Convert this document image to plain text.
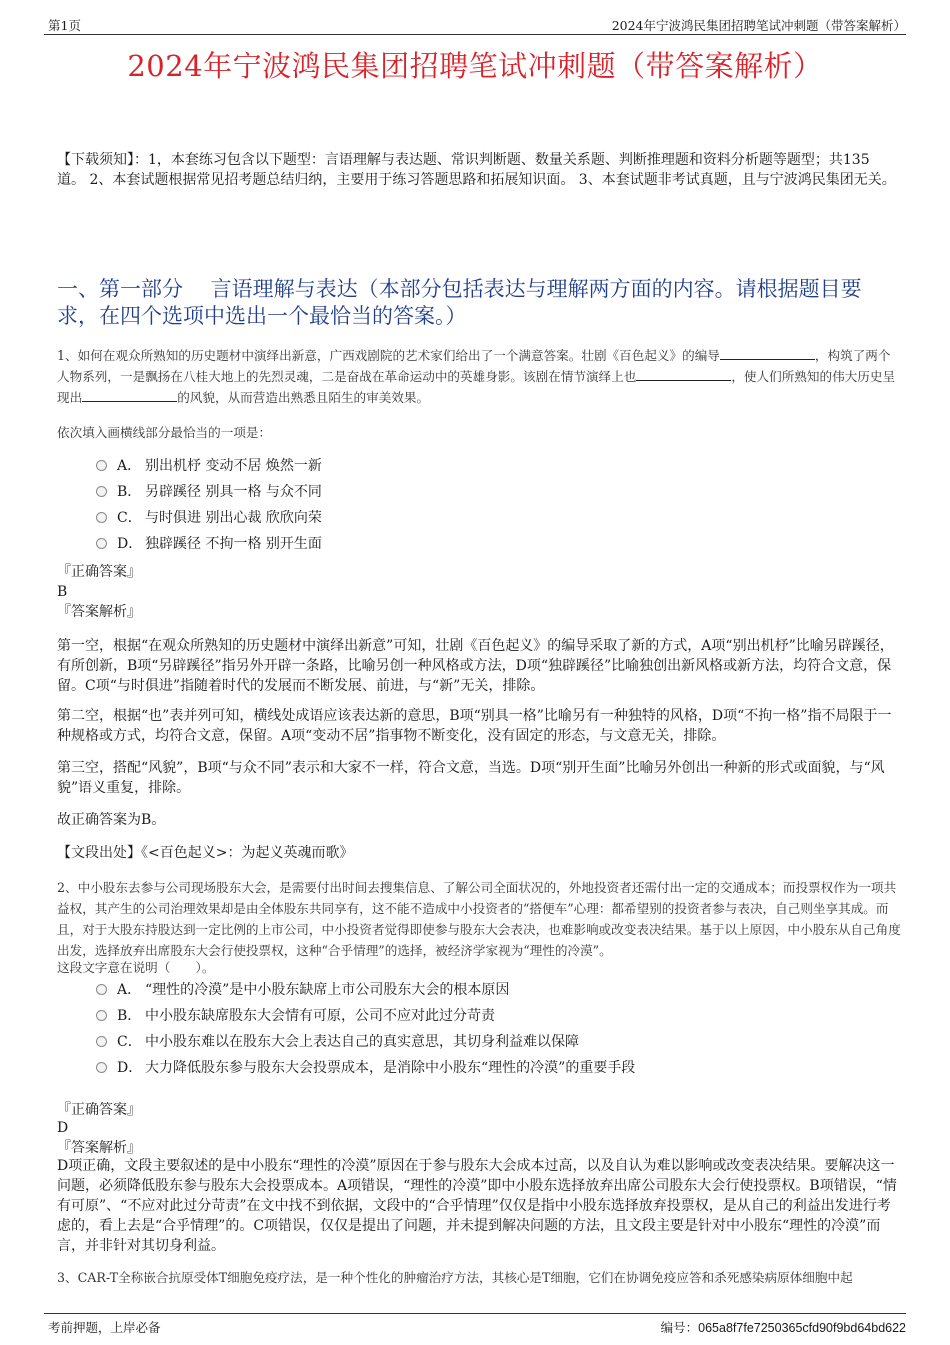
第1页	2024年宁波鸿民集团招聘笔试冲刺题（带答案解析）
2024年宁波鸿民集团招聘笔试冲刺题（带答案解析）
【下载须知】：1，本套练习包含以下题型：言语理解与表达题、常识判断题、数量关系题、判断推理题和资料分析题等题型；共135道。 2、本套试题根据常见招考题总结归纳，主要用于练习答题思路和拓展知识面。 3、本套试题非考试真题，且与宁波鸿民集团无关。
一、第一部分　 言语理解与表达（本部分包括表达与理解两方面的内容。请根据题目要求，在四个选项中选出一个最恰当的答案。）
1、如何在观众所熟知的历史题材中演绎出新意，广西戏剧院的艺术家们给出了一个满意答案。壮剧《百色起义》的编导	，构筑了两个人物系列，一是飘扬在八桂大地上的先烈灵魂，二是奋战在革命运动中的英雄身影。该剧在情节演绎上也	，使人们所熟知的伟大历史呈现出	的风貌，从而营造出熟悉且陌生的审美效果。
依次填入画横线部分最恰当的一项是：
A． 别出机杼 变动不居 焕然一新
B． 另辟蹊径 别具一格 与众不同
C． 与时俱进 别出心裁 欣欣向荣
D． 独辟蹊径 不拘一格 别开生面
『正确答案』
B
『答案解析』
第一空，根据“在观众所熟知的历史题材中演绎出新意”可知，壮剧《百色起义》的编导采取了新的方式，A项“别出机杼”比喻另辟蹊径，有所创新，B项“另辟蹊径”指另外开辟一条路，比喻另创一种风格或方法，D项“独辟蹊径”比喻独创出新风格或新方法，均符合文意，保留。C项“与时俱进”指随着时代的发展而不断发展、前进，与“新”无关，排除。
第二空，根据“也”表并列可知，横线处成语应该表达新的意思，B项“别具一格”比喻另有一种独特的风格，D项“不拘一格”指不局限于一种规格或方式，均符合文意，保留。A项“变动不居”指事物不断变化，没有固定的形态，与文意无关，排除。
第三空，搭配“风貌”，B项“与众不同”表示和大家不一样，符合文意，当选。D项“别开生面”比喻另外创出一种新的形式或面貌，与“风貌”语义重复，排除。
故正确答案为B。
【文段出处】《<百色起义>：为起义英魂而歌》
2、中小股东去参与公司现场股东大会，是需要付出时间去搜集信息、了解公司全面状况的，外地投资者还需付出一定的交通成本；而投票权作为一项共益权，其产生的公司治理效果却是由全体股东共同享有，这不能不造成中小投资者的“搭便车”心理：都希望别的投资者参与表决，自己则坐享其成。而且，对于大股东持股达到一定比例的上市公司，中小投资者觉得即使参与股东大会表决，也难影响或改变表决结果。基于以上原因，中小股东从自己角度出发，选择放弃出席股东大会行使投票权，这种“合乎情理”的选择，被经济学家视为“理性的冷漠”。
这段文字意在说明（　　）。
A． “理性的冷漠”是中小股东缺席上市公司股东大会的根本原因
B． 中小股东缺席股东大会情有可原，公司不应对此过分苛责
C． 中小股东难以在股东大会上表达自己的真实意思，其切身利益难以保障
D． 大力降低股东参与股东大会投票成本，是消除中小股东“理性的冷漠”的重要手段
『正确答案』
D
『答案解析』
D项正确，文段主要叙述的是中小股东“理性的冷漠”原因在于参与股东大会成本过高，以及自认为难以影响或改变表决结果。要解决这一问题，必须降低股东参与股东大会投票成本。A项错误，“理性的冷漠”即中小股东选择放弃出席公司股东大会行使投票权。B项错误，“情有可原”、“不应对此过分苛责”在文中找不到依据，文段中的“合乎情理”仅仅是指中小股东选择放弃投票权，是从自己的利益出发进行考虑的，看上去是“合乎情理”的。C项错误，仅仅是提出了问题，并未提到解决问题的方法，且文段主要是针对中小股东“理性的冷漠”而言，并非针对其切身利益。
3、CAR-T全称嵌合抗原受体T细胞免疫疗法，是一种个性化的肿瘤治疗方法，其核心是T细胞，它们在协调免疫应答和杀死感染病原体细胞中起
考前押题，上岸必备	编号：065a8f7fe7250365cfd90f9bd64bd622
